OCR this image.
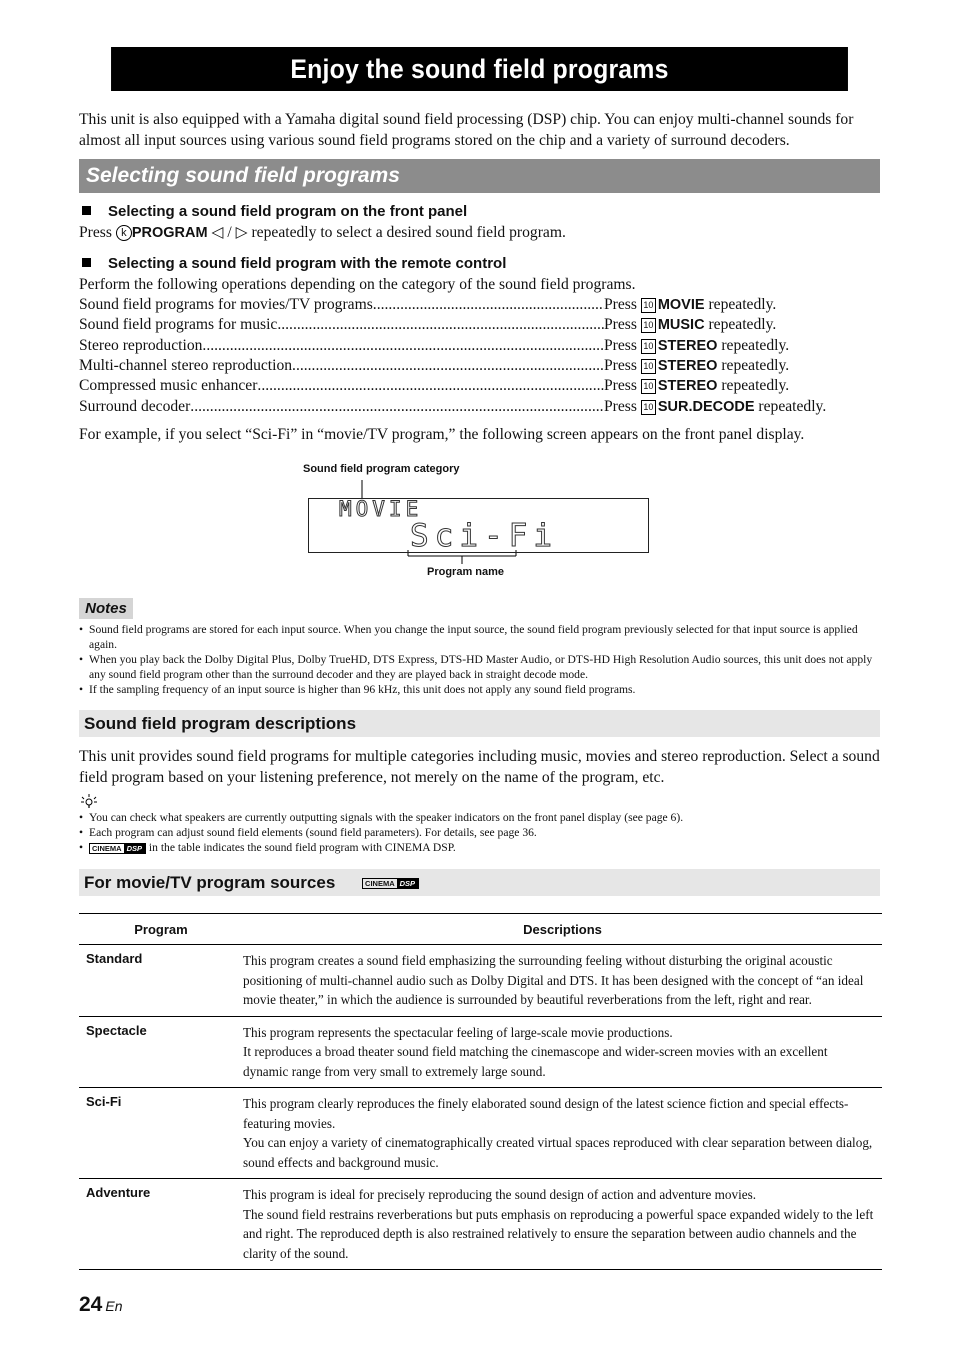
Enjoy the sound field programs
This unit is also equipped with a Yamaha digital sound field processing (DSP) chip. You can enjoy multi-channel sounds for almost all input sources using various sound field programs stored on the chip and a variety of surround decoders.
Selecting sound field programs
Selecting a sound field program on the front panel
Press k PROGRAM ◁ / ▷ repeatedly to select a desired sound field program.
Selecting a sound field program with the remote control
Perform the following operations depending on the category of the sound field programs.
Sound field programs for movies/TV programs .....	Press 10 MOVIE repeatedly.
Sound field programs for music .....	Press 10 MUSIC repeatedly.
Stereo reproduction .....	Press 10 STEREO repeatedly.
Multi-channel stereo reproduction .....	Press 10 STEREO repeatedly.
Compressed music enhancer .....	Press 10 STEREO repeatedly.
Surround decoder .....	Press 10 SUR.DECODE repeatedly.
For example, if you select “Sci-Fi” in “movie/TV program,” the following screen appears on the front panel display.
Sound field program category
MOVIE
Sci-Fi
Program name
Notes
• Sound field programs are stored for each input source. When you change the input source, the sound field program previously selected for that input source is applied again.
• When you play back the Dolby Digital Plus, Dolby TrueHD, DTS Express, DTS-HD Master Audio, or DTS-HD High Resolution Audio sources, this unit does not apply any sound field program other than the surround decoder and they are played back in straight decode mode.
• If the sampling frequency of an input source is higher than 96 kHz, this unit does not apply any sound field programs.
Sound field program descriptions
This unit provides sound field programs for multiple categories including music, movies and stereo reproduction. Select a sound field program based on your listening preference, not merely on the name of the program, etc.
• You can check what speakers are currently outputting signals with the speaker indicators on the front panel display (see page 6).
• Each program can adjust sound field elements (sound field parameters). For details, see page 36.
• CINEMA DSP in the table indicates the sound field program with CINEMA DSP.
For movie/TV program sources	CINEMA DSP
Program	Descriptions
Standard	This program creates a sound field emphasizing the surrounding feeling without disturbing the original acoustic positioning of multi-channel audio such as Dolby Digital and DTS. It has been designed with the concept of “an ideal movie theater,” in which the audience is surrounded by beautiful reverberations from the left, right and rear.
Spectacle	This program represents the spectacular feeling of large-scale movie productions.
It reproduces a broad theater sound field matching the cinemascope and wider-screen movies with an excellent dynamic range from very small to extremely large sound.
Sci-Fi	This program clearly reproduces the finely elaborated sound design of the latest science fiction and special effects-featuring movies.
You can enjoy a variety of cinematographically created virtual spaces reproduced with clear separation between dialog, sound effects and background music.
Adventure	This program is ideal for precisely reproducing the sound design of action and adventure movies.
The sound field restrains reverberations but puts emphasis on reproducing a powerful space expanded widely to the left and right. The reproduced depth is also restrained relatively to ensure the separation between audio channels and the clarity of the sound.
24 En
